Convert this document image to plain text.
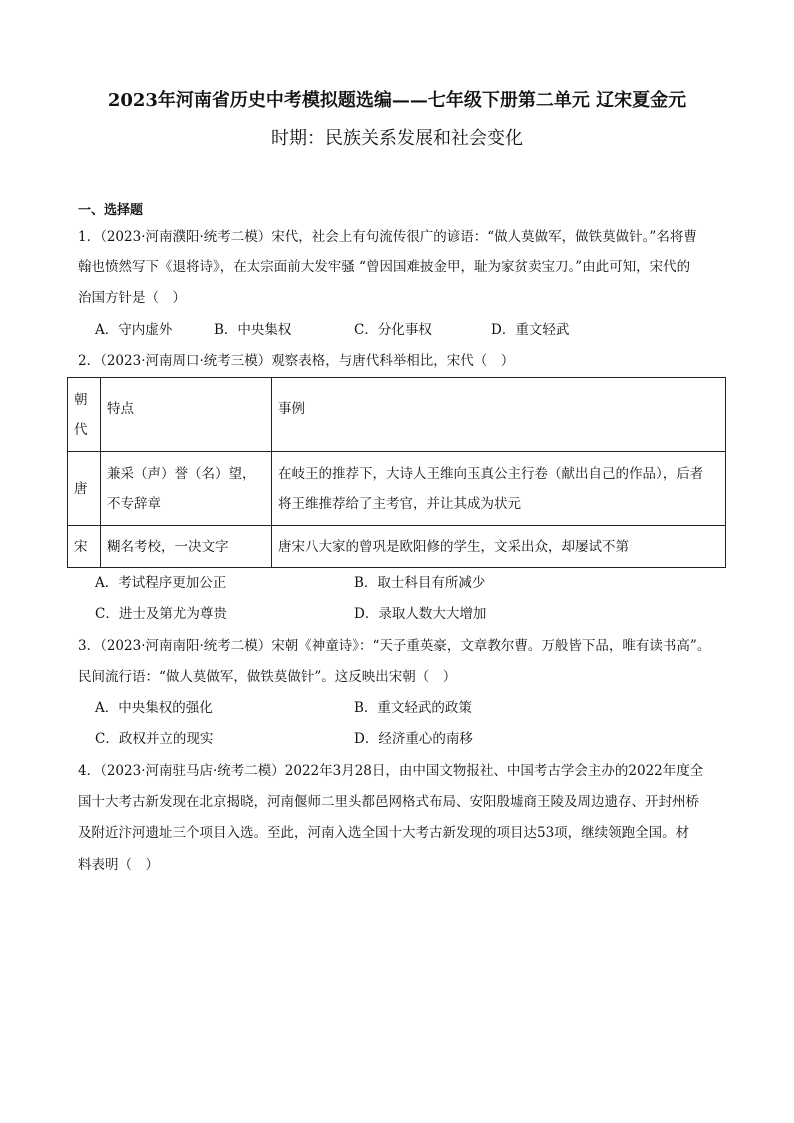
2023年河南省历史中考模拟题选编——七年级下册第二单元 辽宋夏金元
时期：民族关系发展和社会变化
一、选择题
1．（2023·河南濮阳·统考二模）宋代，社会上有句流传很广的谚语：“做人莫做军，做铁莫做针。”名将曹
翰也愤然写下《退将诗》，在太宗面前大发牢骚 “曾因国难披金甲，耻为家贫卖宝刀。”由此可知，宋代的
治国方针是（　）
A．守内虚外	B．中央集权	C．分化事权	D．重文轻武
2．（2023·河南周口·统考三模）观察表格，与唐代科举相比，宋代（　）
朝代	特点	事例
唐	兼采（声）誉（名）望，不专辞章	在岐王的推荐下，大诗人王维向玉真公主行卷（献出自己的作品），后者
将王维推荐给了主考官，并让其成为状元

宋	糊名考校，一决文字	唐宋八大家的曾巩是欧阳修的学生，文采出众，却屡试不第
A．考试程序更加公正	B．取士科目有所减少
C．进士及第尤为尊贵	D．录取人数大大增加
3．（2023·河南南阳·统考二模）宋朝《神童诗》：“天子重英豪，文章教尔曹。万般皆下品，唯有读书高”。
民间流行语：“做人莫做军，做铁莫做针”。这反映出宋朝（　）
A．中央集权的强化	B．重文轻武的政策
C．政权并立的现实	D．经济重心的南移
4．（2023·河南驻马店·统考二模）2022年3月28日，由中国文物报社、中国考古学会主办的2022年度全
国十大考古新发现在北京揭晓，河南偃师二里头都邑网格式布局、安阳殷墟商王陵及周边遗存、开封州桥
及附近汴河遗址三个项目入选。至此，河南入选全国十大考古新发现的项目达53项，继续领跑全国。材
料表明（　）
